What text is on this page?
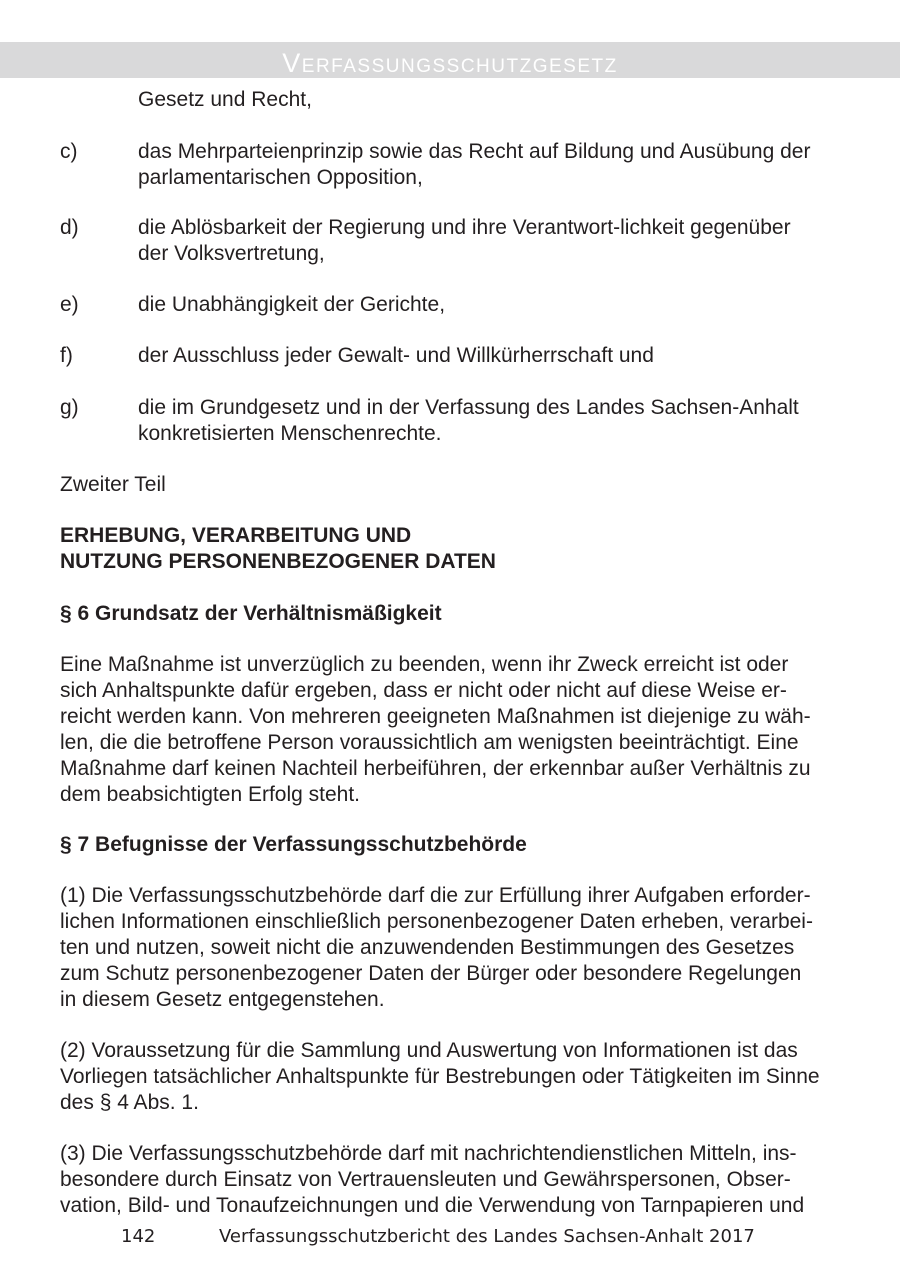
Verfassungsschutzgesetz
Gesetz und Recht,
c)	das Mehrparteienprinzip sowie das Recht auf Bildung und Ausübung der
parlamentarischen Opposition,
d)	die Ablösbarkeit der Regierung und ihre Verantwort-lichkeit gegenüber
der Volksvertretung,
e)	die Unabhängigkeit der Gerichte,
f)	der Ausschluss jeder Gewalt- und Willkürherrschaft und
g)	die im Grundgesetz und in der Verfassung des Landes Sachsen-Anhalt
konkretisierten Menschenrechte.
Zweiter Teil
ERHEBUNG, VERARBEITUNG UND
NUTZUNG PERSONENBEZOGENER DATEN
§ 6 Grundsatz der Verhältnismäßigkeit
Eine Maßnahme ist unverzüglich zu beenden, wenn ihr Zweck erreicht ist oder
sich Anhaltspunkte dafür ergeben, dass er nicht oder nicht auf diese Weise er-
reicht werden kann. Von mehreren geeigneten Maßnahmen ist diejenige zu wäh-
len, die die betroffene Person voraussichtlich am wenigsten beeinträchtigt. Eine
Maßnahme darf keinen Nachteil herbeiführen, der erkennbar außer Verhältnis zu
dem beabsichtigten Erfolg steht.
§ 7 Befugnisse der Verfassungsschutzbehörde
(1) Die Verfassungsschutzbehörde darf die zur Erfüllung ihrer Aufgaben erforder-
lichen Informationen einschließlich personenbezogener Daten erheben, verarbei-
ten und nutzen, soweit nicht die anzuwendenden Bestimmungen des Gesetzes
zum Schutz personenbezogener Daten der Bürger oder besondere Regelungen
in diesem Gesetz entgegenstehen.
(2) Voraussetzung für die Sammlung und Auswertung von Informationen ist das
Vorliegen tatsächlicher Anhaltspunkte für Bestrebungen oder Tätigkeiten im Sinne
des § 4 Abs. 1.
(3) Die Verfassungsschutzbehörde darf mit nachrichtendienstlichen Mitteln, ins-
besondere durch Einsatz von Vertrauensleuten und Gewährspersonen, Obser-
vation, Bild- und Tonaufzeichnungen und die Verwendung von Tarnpapieren und
142	Verfassungsschutzbericht des Landes Sachsen-Anhalt 2017
